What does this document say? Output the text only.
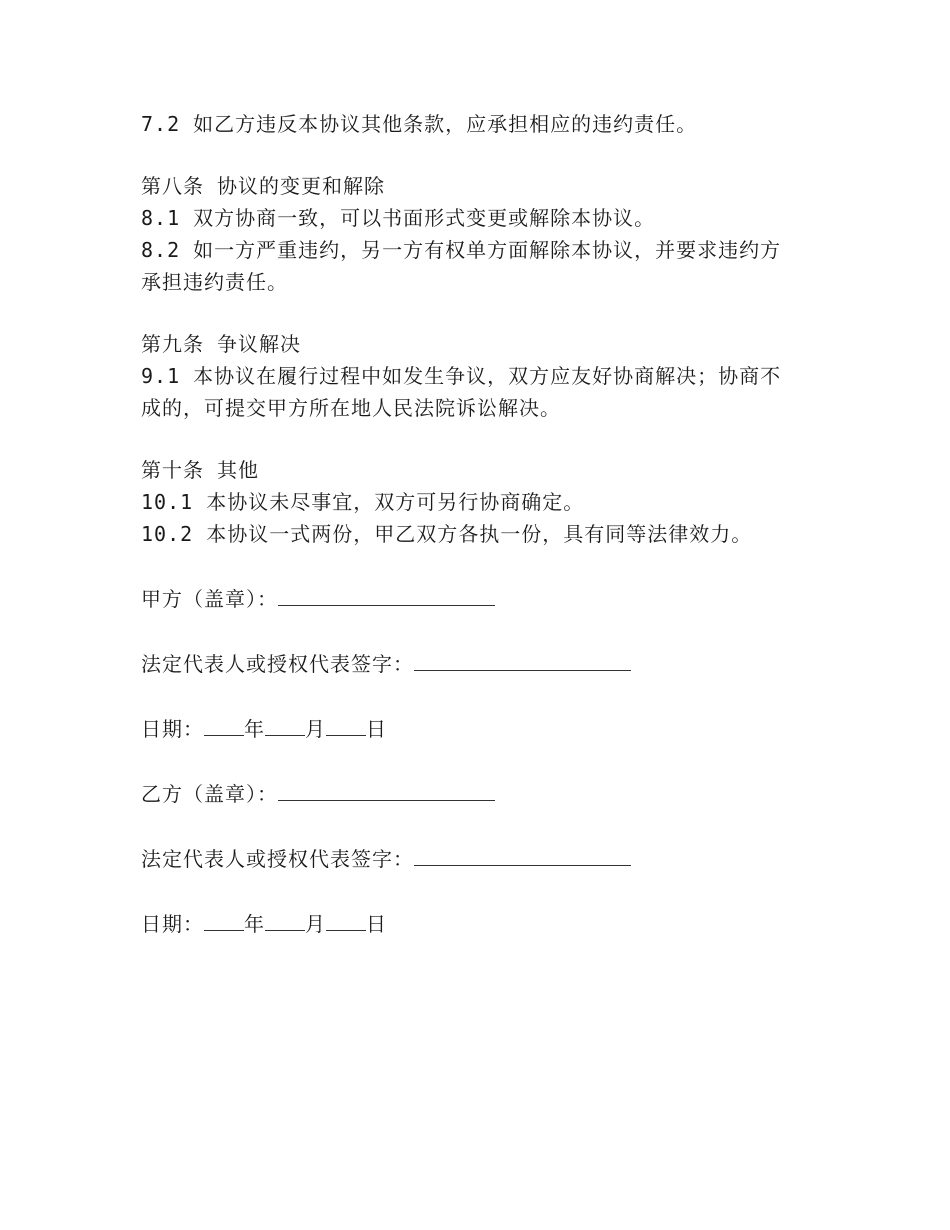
7.2 如乙方违反本协议其他条款，应承担相应的违约责任。
第八条 协议的变更和解除
8.1 双方协商一致，可以书面形式变更或解除本协议。
8.2 如一方严重违约，另一方有权单方面解除本协议，并要求违约方
承担违约责任。
第九条 争议解决
9.1 本协议在履行过程中如发生争议，双方应友好协商解决；协商不
成的，可提交甲方所在地人民法院诉讼解决。
第十条 其他
10.1 本协议未尽事宜，双方可另行协商确定。
10.2 本协议一式两份，甲乙双方各执一份，具有同等法律效力。
甲方（盖章）：
法定代表人或授权代表签字：
日期： 年 月 日
乙方（盖章）：
法定代表人或授权代表签字：
日期： 年 月 日
